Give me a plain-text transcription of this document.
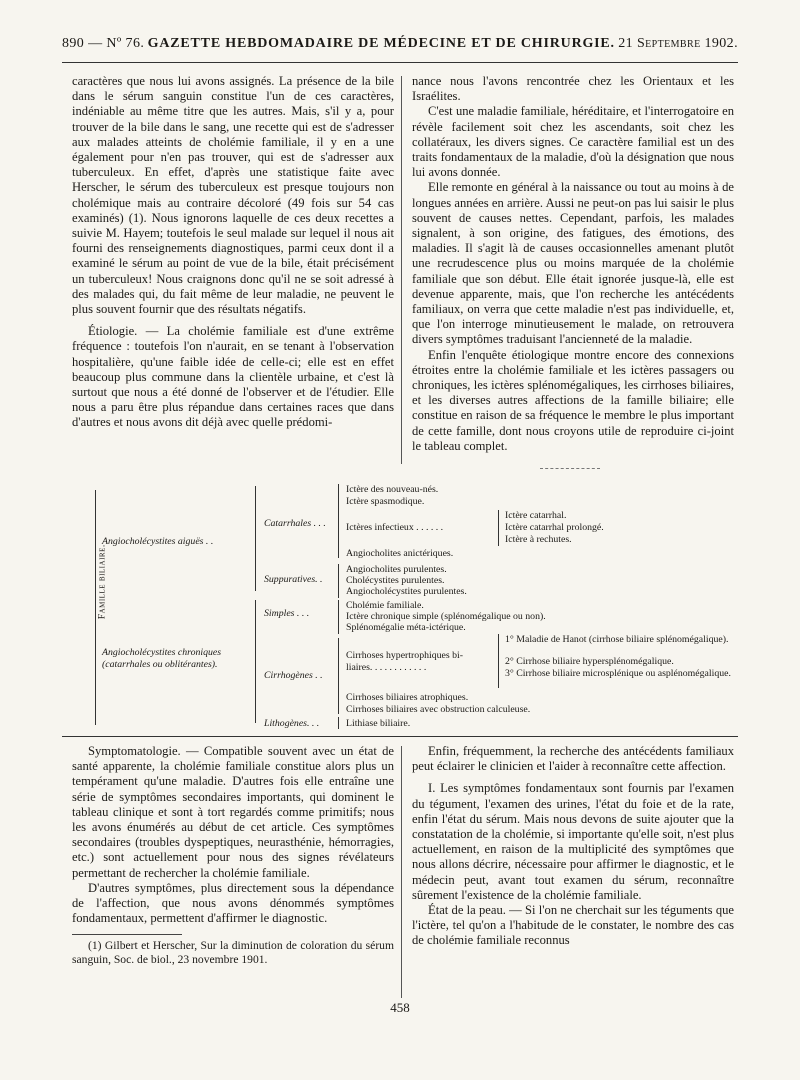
890 — Nº 76. GAZETTE HEBDOMADAIRE DE MÉDECINE ET DE CHIRURGIE. 21 Septembre 1902.

caractères que nous lui avons assignés. La présence de la bile dans le sérum sanguin constitue l'un de ces caractères, indéniable au même titre que les autres. Mais, s'il y a, pour trouver de la bile dans le sang, une recette qui est de s'adresser aux malades atteints de cholémie familiale, il y en a une également pour n'en pas trouver, qui est de s'adresser aux tuberculeux. En effet, d'après une statistique faite avec Herscher, le sérum des tuberculeux est presque toujours non cholémique mais au contraire décoloré (49 fois sur 54 cas examinés) (1). Nous ignorons laquelle de ces deux recettes a suivie M. Hayem; toutefois le seul malade sur lequel il nous ait fourni des renseignements diagnostiques, parmi ceux dont il a examiné le sérum au point de vue de la bile, était précisément un tuberculeux! Nous craignons donc qu'il ne se soit adressé à des malades qui, du fait même de leur maladie, ne peuvent le plus souvent fournir que des résultats négatifs.

Étiologie. — La cholémie familiale est d'une extrême fréquence : toutefois l'on n'aurait, en se tenant à l'observation hospitalière, qu'une faible idée de celle-ci; elle est en effet beaucoup plus commune dans la clientèle urbaine, et c'est là surtout que nous a été donné de l'observer et de l'étudier. Elle nous a paru être plus répandue dans certaines races que dans d'autres et nous avons dit déjà avec quelle prédomi-

nance nous l'avons rencontrée chez les Orientaux et les Israélites.

C'est une maladie familiale, héréditaire, et l'interrogatoire en révèle facilement soit chez les ascendants, soit chez les collatéraux, les divers signes. Ce caractère familial est un des traits fondamentaux de la maladie, d'où la désignation que nous lui avons donnée.

Elle remonte en général à la naissance ou tout au moins à de longues années en arrière. Aussi ne peut-on pas lui saisir le plus souvent de causes nettes. Cependant, parfois, les malades signalent, à son origine, des fatigues, des émotions, des maladies. Il s'agit là de causes occasionnelles amenant plutôt une recrudescence plus ou moins marquée de la cholémie familiale que son début. Elle était ignorée jusque-là, elle est devenue apparente, mais, que l'on recherche les antécédents familiaux, on verra que cette maladie n'est pas individuelle, et, que l'on interroge minutieusement le malade, on retrouvera divers symptômes traduisant l'ancienneté de la maladie.

Enfin l'enquête étiologique montre encore des connexions étroites entre la cholémie familiale et les ictères passagers ou chroniques, les ictères splénomégaliques, les cirrhoses biliaires, et les diverses autres affections de la famille biliaire; elle constitue en raison de sa fréquence le membre le plus important de cette famille, dont nous croyons utile de reproduire ci-joint le tableau complet.

Famille biliaire.
Angiocholécystites aiguës . .
Angiocholécystites chroniques
(catarrhales ou oblitérantes).
Catarrhales . . .
Suppuratives. .
Simples . . .
Cirrhogènes . .
Lithogènes. . .
Ictère des nouveau-nés.
Ictère spasmodique.
Ictères infectieux . . . . . .
Angiocholites anictériques.
Ictère catarrhal.
Ictère catarrhal prolongé.
Ictère à rechutes.
Angiocholites purulentes.
Cholécystites purulentes.
Angiocholécystites purulentes.
Cholémie familiale.
Ictère chronique simple (splénomégalique ou non).
Splénomégalie méta-ictérique.
Cirrhoses hypertrophiques bi-
liaires. . . . . . . . . . . .
1° Maladie de Hanot (cirrhose biliaire splénomégalique).
2° Cirrhose biliaire hypersplénomégalique.
3° Cirrhose biliaire microsplénique ou asplénomégalique.
Cirrhoses biliaires atrophiques.
Cirrhoses biliaires avec obstruction calculeuse.
Lithiase biliaire.

Symptomatologie. — Compatible souvent avec un état de santé apparente, la cholémie familiale constitue alors plus un tempérament qu'une maladie. D'autres fois elle entraîne une série de symptômes secondaires importants, qui dominent le tableau clinique et sont à tort regardés comme primitifs; nous les avons énumérés au début de cet article. Ces symptômes secondaires (troubles dyspeptiques, neurasthénie, hémorragies, etc.) sont actuellement pour nous des signes révélateurs permettant de rechercher la cholémie familiale.

D'autres symptômes, plus directement sous la dépendance de l'affection, que nous avons dénommés symptômes fondamentaux, permettent d'affirmer le diagnostic.

(1) Gilbert et Herscher, Sur la diminution de coloration du sérum sanguin, Soc. de biol., 23 novembre 1901.

Enfin, fréquemment, la recherche des antécédents familiaux peut éclairer le clinicien et l'aider à reconnaître cette affection.

I. Les symptômes fondamentaux sont fournis par l'examen du tégument, l'examen des urines, l'état du foie et de la rate, enfin l'état du sérum. Mais nous devons de suite ajouter que la constatation de la cholémie, si importante qu'elle soit, n'est plus actuellement, en raison de la multiplicité des symptômes que nous allons décrire, nécessaire pour affirmer le diagnostic, et le médecin peut, avant tout examen du sérum, reconnaître sûrement l'existence de la cholémie familiale.

État de la peau. — Si l'on ne cherchait sur les téguments que l'ictère, tel qu'on a l'habitude de le constater, le nombre des cas de cholémie familiale reconnus

458
